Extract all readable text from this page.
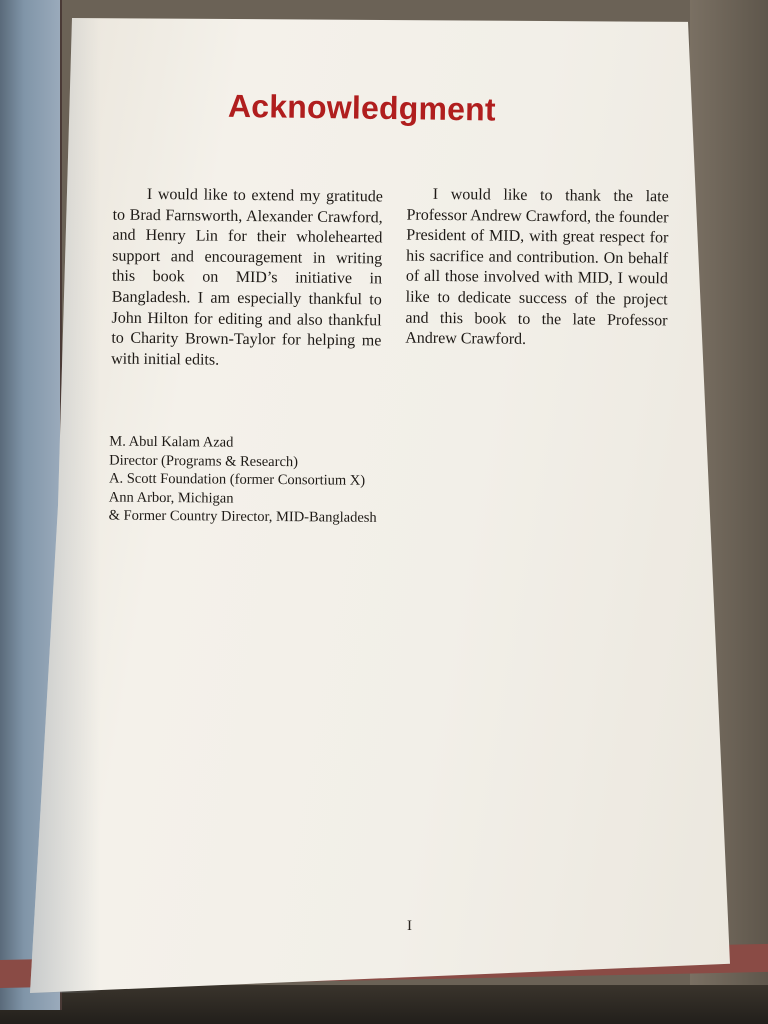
Acknowledgment
I would like to extend my gratitude to Brad Farnsworth, Alexander Crawford, and Henry Lin for their wholehearted support and encouragement in writing this book on MID’s initiative in Bangladesh. I am especially thankful to John Hilton for editing and also thankful to Charity Brown-Taylor for helping me with initial edits.
I would like to thank the late Professor Andrew Crawford, the founder President of MID, with great respect for his sacrifice and contribution. On behalf of all those involved with MID, I would like to dedicate success of the project and this book to the late Professor Andrew Crawford.
M. Abul Kalam Azad
Director (Programs & Research)
A. Scott Foundation (former Consortium X)
Ann Arbor, Michigan
& Former Country Director, MID-Bangladesh
I
